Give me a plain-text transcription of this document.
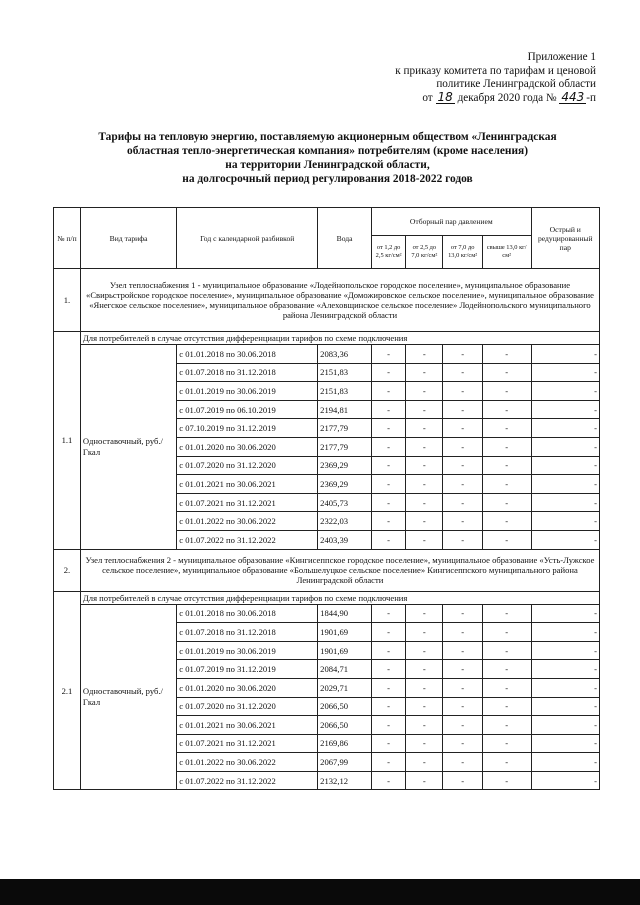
Приложение 1
к приказу комитета по тарифам и ценовой
политике Ленинградской области
от 18 декабря 2020 года № 443 -п
Тарифы на тепловую энергию, поставляемую акционерным обществом «Ленинградская
областная тепло-энергетическая компания» потребителям (кроме населения)
на территории Ленинградской области,
на долгосрочный период регулирования 2018-2022 годов
№ п/п	Вид тарифа	Год с календарной разбивкой	Вода	Отборный пар давлением				Острый и редуцированный пар
				от 1,2 до 2,5 кг/см²	от 2,5 до 7,0 кг/см²	от 7,0 до 13,0 кг/см²	свыше 13,0 кг/см²	
1.	Узел теплоснабжения 1 - муниципальное образование «Лодейнопольское городское поселение», муниципальное образование «Свирьстройское городское поселение», муниципальное образование «Доможировское сельское поселение», муниципальное образование «Янегское сельское поселение», муниципальное образование «Алеховщинское сельское поселение» Лодейнопольского муниципального района Ленинградской области							
1.1	Для потребителей в случае отсутствия дифференциации тарифов по схеме подключения							
	Одноставочный, руб./Гкал	с 01.01.2018 по 30.06.2018	2083,36	-	-	-	-	-
		с 01.07.2018 по 31.12.2018	2151,83	-	-	-	-	-
		с 01.01.2019 по 30.06.2019	2151,83	-	-	-	-	-
		с 01.07.2019 по 06.10.2019	2194,81	-	-	-	-	-
		с 07.10.2019 по 31.12.2019	2177,79	-	-	-	-	-
		с 01.01.2020 по 30.06.2020	2177,79	-	-	-	-	-
		с 01.07.2020 по 31.12.2020	2369,29	-	-	-	-	-
		с 01.01.2021 по 30.06.2021	2369,29	-	-	-	-	-
		с 01.07.2021 по 31.12.2021	2405,73	-	-	-	-	-
		с 01.01.2022 по 30.06.2022	2322,03	-	-	-	-	-
		с 01.07.2022 по 31.12.2022	2403,39	-	-	-	-	-
2.	Узел теплоснабжения 2 - муниципальное образование «Кингисеппское городское поселение», муниципальное образование «Усть-Лужское сельское поселение», муниципальное образование «Большелуцкое сельское поселение» Кингисеппского муниципального района Ленинградской области							
2.1	Для потребителей в случае отсутствия дифференциации тарифов по схеме подключения							
	Одноставочный, руб./Гкал	с 01.01.2018 по 30.06.2018	1844,90	-	-	-	-	-
		с 01.07.2018 по 31.12.2018	1901,69	-	-	-	-	-
		с 01.01.2019 по 30.06.2019	1901,69	-	-	-	-	-
		с 01.07.2019 по 31.12.2019	2084,71	-	-	-	-	-
		с 01.01.2020 по 30.06.2020	2029,71	-	-	-	-	-
		с 01.07.2020 по 31.12.2020	2066,50	-	-	-	-	-
		с 01.01.2021 по 30.06.2021	2066,50	-	-	-	-	-
		с 01.07.2021 по 31.12.2021	2169,86	-	-	-	-	-
		с 01.01.2022 по 30.06.2022	2067,99	-	-	-	-	-
		с 01.07.2022 по 31.12.2022	2132,12	-	-	-	-	-
